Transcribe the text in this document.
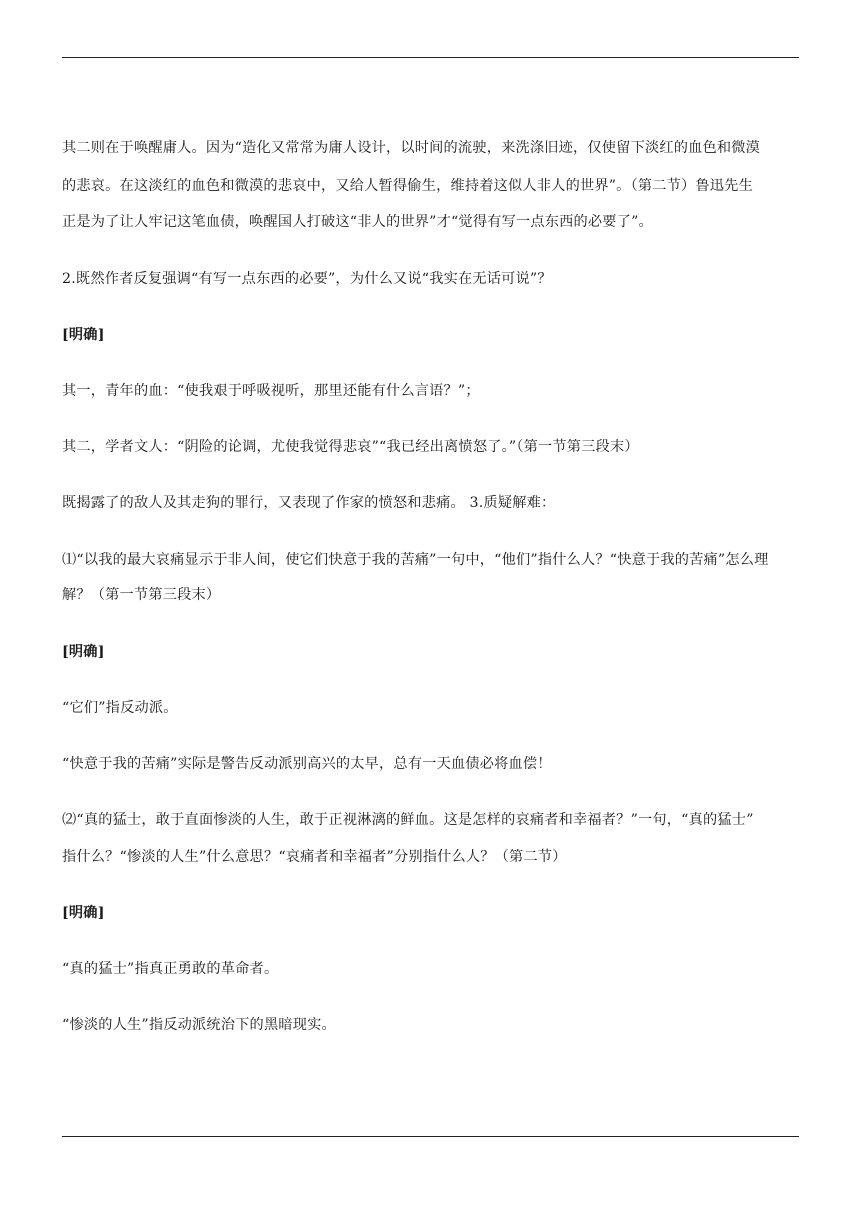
其二则在于唤醒庸人。因为“造化又常常为庸人设计，以时间的流驶，来洗涤旧迹，仅使留下淡红的血色和微漠
的悲哀。在这淡红的血色和微漠的悲哀中，又给人暂得偷生，维持着这似人非人的世界”。（第二节）鲁迅先生
正是为了让人牢记这笔血债，唤醒国人打破这“非人的世界”才“觉得有写一点东西的必要了”。
2.既然作者反复强调“有写一点东西的必要”，为什么又说“我实在无话可说”？
[明确]
其一，青年的血：“使我艰于呼吸视听，那里还能有什么言语？”；
其二，学者文人：“阴险的论调，尤使我觉得悲哀”“我已经出离愤怒了。”（第一节第三段末）
既揭露了的敌人及其走狗的罪行，又表现了作家的愤怒和悲痛。 3.质疑解难：
⑴“以我的最大哀痛显示于非人间，使它们快意于我的苦痛”一句中，“他们”指什么人？“快意于我的苦痛”怎么理
解？（第一节第三段末）
[明确]
“它们”指反动派。
“快意于我的苦痛”实际是警告反动派别高兴的太早，总有一天血债必将血偿！
⑵“真的猛士，敢于直面惨淡的人生，敢于正视淋漓的鲜血。这是怎样的哀痛者和幸福者？”一句，“真的猛士”
指什么？“惨淡的人生”什么意思？“哀痛者和幸福者”分别指什么人？（第二节）
[明确]
“真的猛士”指真正勇敢的革命者。
“惨淡的人生”指反动派统治下的黑暗现实。
